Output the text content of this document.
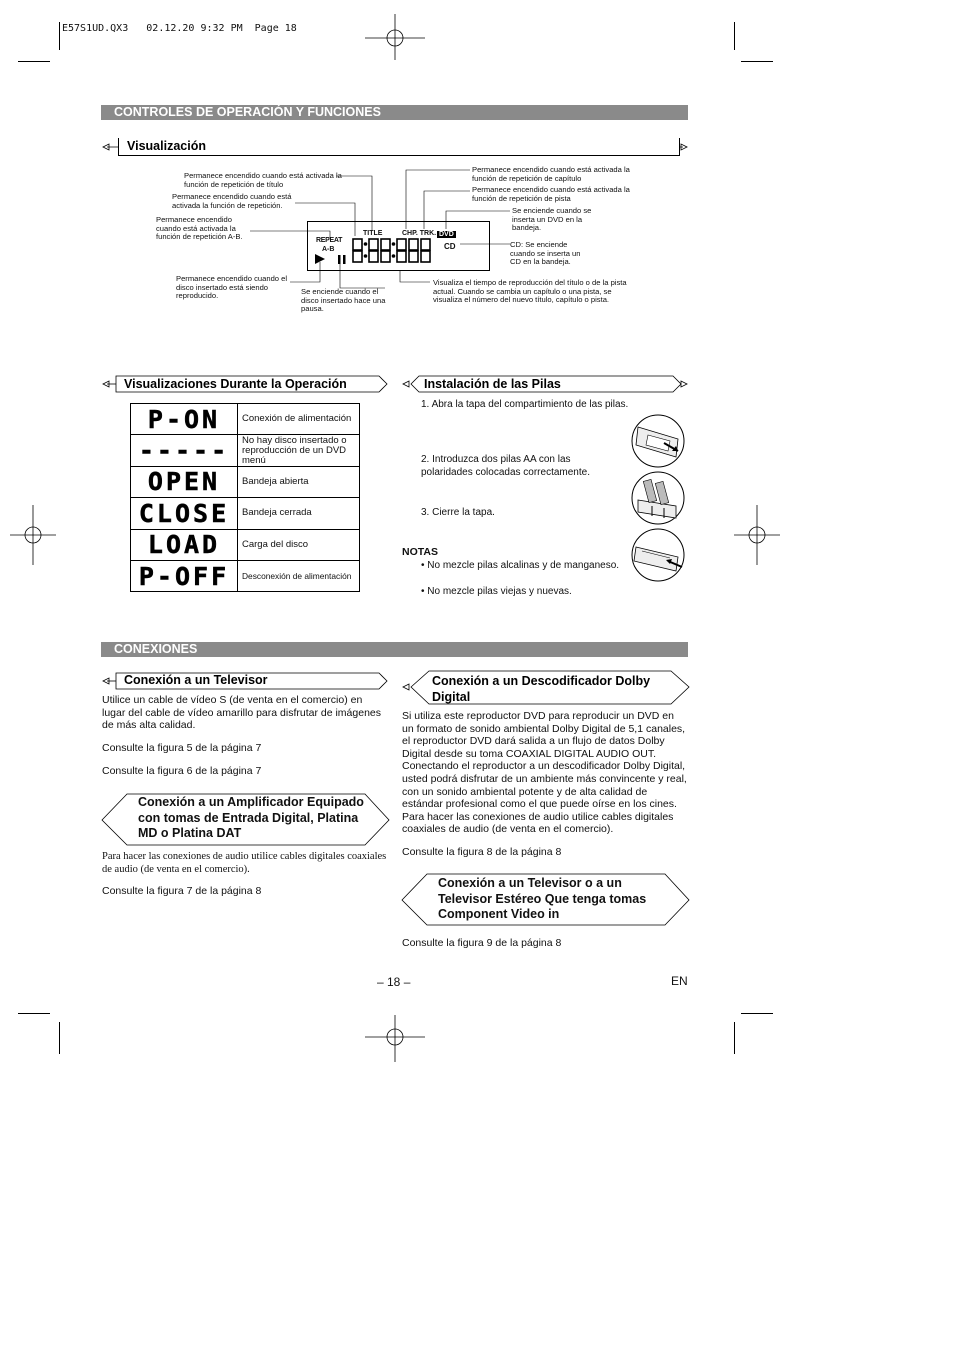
E57S1UD.QX3   02.12.20 9:32 PM  Page 18
CONTROLES DE OPERACIÓN Y FUNCIONES
Visualización
REPEAT
A-B
TITLE	CHP. TRK. DVD
CD
Permanece encendido cuando está activada la función de repetición de título
Permanece encendido cuando está activada la función de repetición.
Permanece encendido cuando está activada la función de repetición A-B.
Permanece encendido cuando el disco insertado está siendo reproducido.	Se enciende cuando el disco insertado hace una pausa.
Permanece encendido cuando está activada la función de repetición de capítulo
Permanece encendido cuando está activada la función de repetición de pista
Se enciende cuando se inserta un DVD en la bandeja.
CD: Se enciende cuando se inserta un CD en la bandeja.
Visualiza el tiempo de reproducción del título o de la pista actual. Cuando se cambia un capítulo o una pista, se visualiza el número del nuevo título, capítulo o pista.
Visualizaciones Durante la Operación
P-ON	Conexión de alimentación

-----	No hay disco insertado o reproducción de un DVD menú

OPEN	Bandeja abierta

CLOSE	Bandeja cerrada

LOAD	Carga del disco

P-OFF	Desconexión de alimentación
Instalación de las Pilas
1. Abra la tapa del compartimiento de las pilas.
2. Introduzca dos pilas AA con las polaridades colocadas correctamente.
3. Cierre la tapa.
NOTAS
• No mezcle pilas alcalinas y de manganeso.
• No mezcle pilas viejas y nuevas.
CONEXIONES
Conexión a un Televisor
Utilice un cable de vídeo S (de venta en el comercio) en lugar del cable de vídeo amarillo para disfrutar de imágenes de más alta calidad.
Consulte la figura 5 de la página 7
Consulte la figura 6 de la página 7
Conexión a un Amplificador Equipado con tomas de Entrada Digital, Platina MD o Platina DAT
Para hacer las conexiones de audio utilice cables digitales coaxiales de audio (de venta en el comercio).
Consulte la figura 7 de la página 8
Conexión a un Descodificador Dolby Digital
Si utiliza este reproductor DVD para reproducir un DVD en un formato de sonido ambiental Dolby Digital de 5,1 canales, el reproductor DVD dará salida a un flujo de datos Dolby Digital desde su toma COAXIAL DIGITAL AUDIO OUT. Conectando el reproductor a un descodificador Dolby Digital, usted podrá disfrutar de un ambiente más convincente y real, con un sonido ambiental potente y de alta calidad de estándar profesional como el que puede oírse en los cines. Para hacer las conexiones de audio utilice cables digitales coaxiales de audio (de venta en el comercio).
Consulte la figura 8 de la página 8
Conexión a un Televisor o a un Televisor Estéreo Que tenga tomas Component Video in
Consulte la figura 9 de la página 8
– 18 –	EN
